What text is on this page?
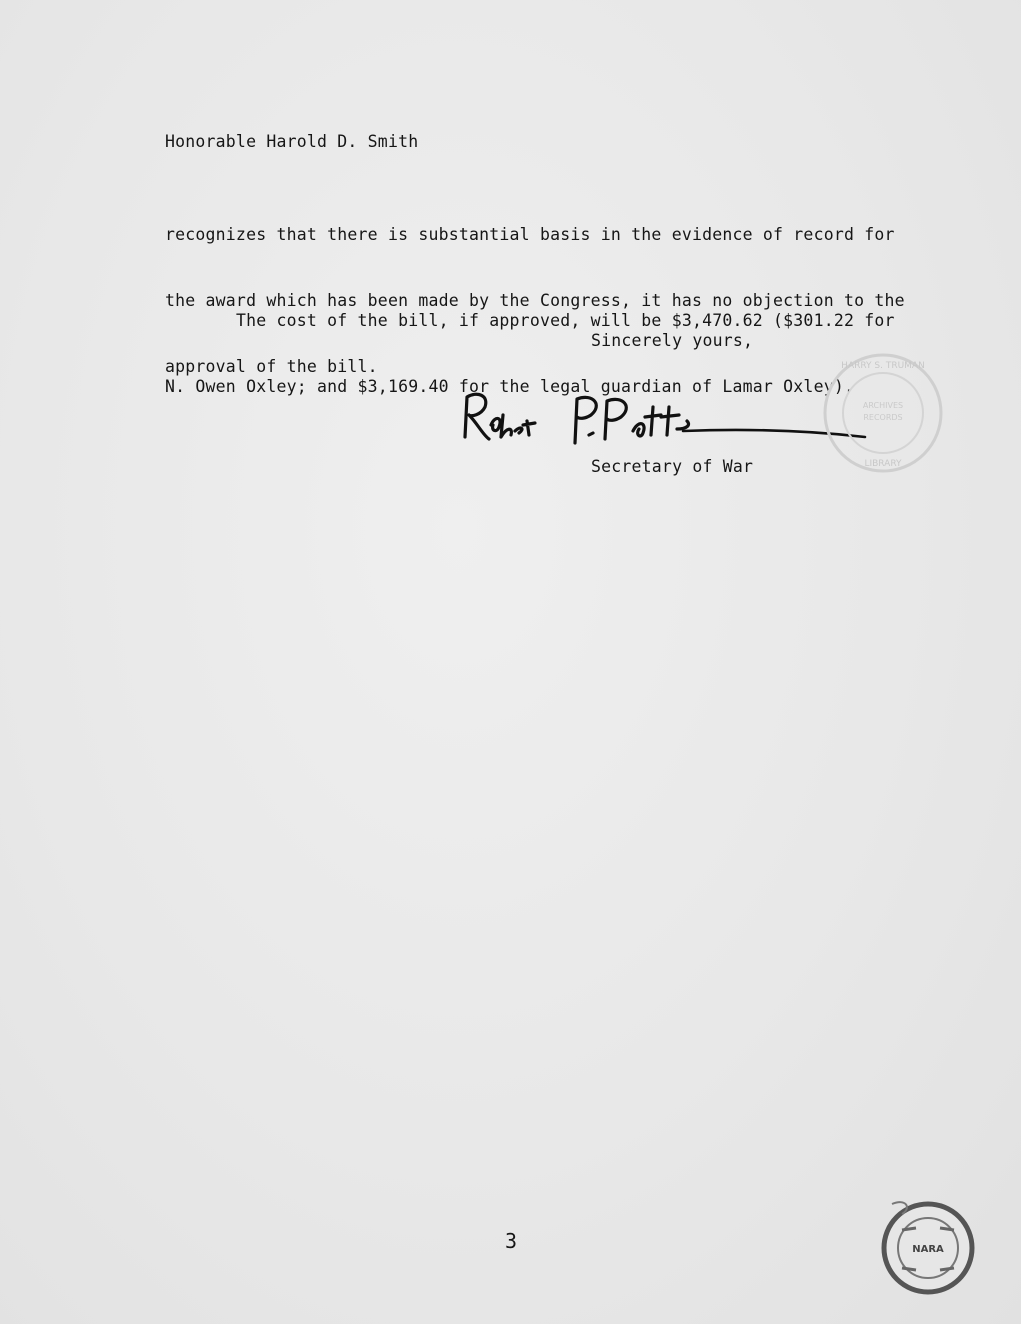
Honorable Harold D. Smith

recognizes that there is substantial basis in the evidence of record for

the award which has been made by the Congress, it has no objection to the

approval of the bill.

The cost of the bill, if approved, will be $3,470.62 ($301.22 for

N. Owen Oxley; and $3,169.40 for the legal guardian of Lamar Oxley).

Sincerely yours,
Secretary of War
HARRY S. TRUMAN
ARCHIVES
RECORDS
LIBRARY
NARA
3
